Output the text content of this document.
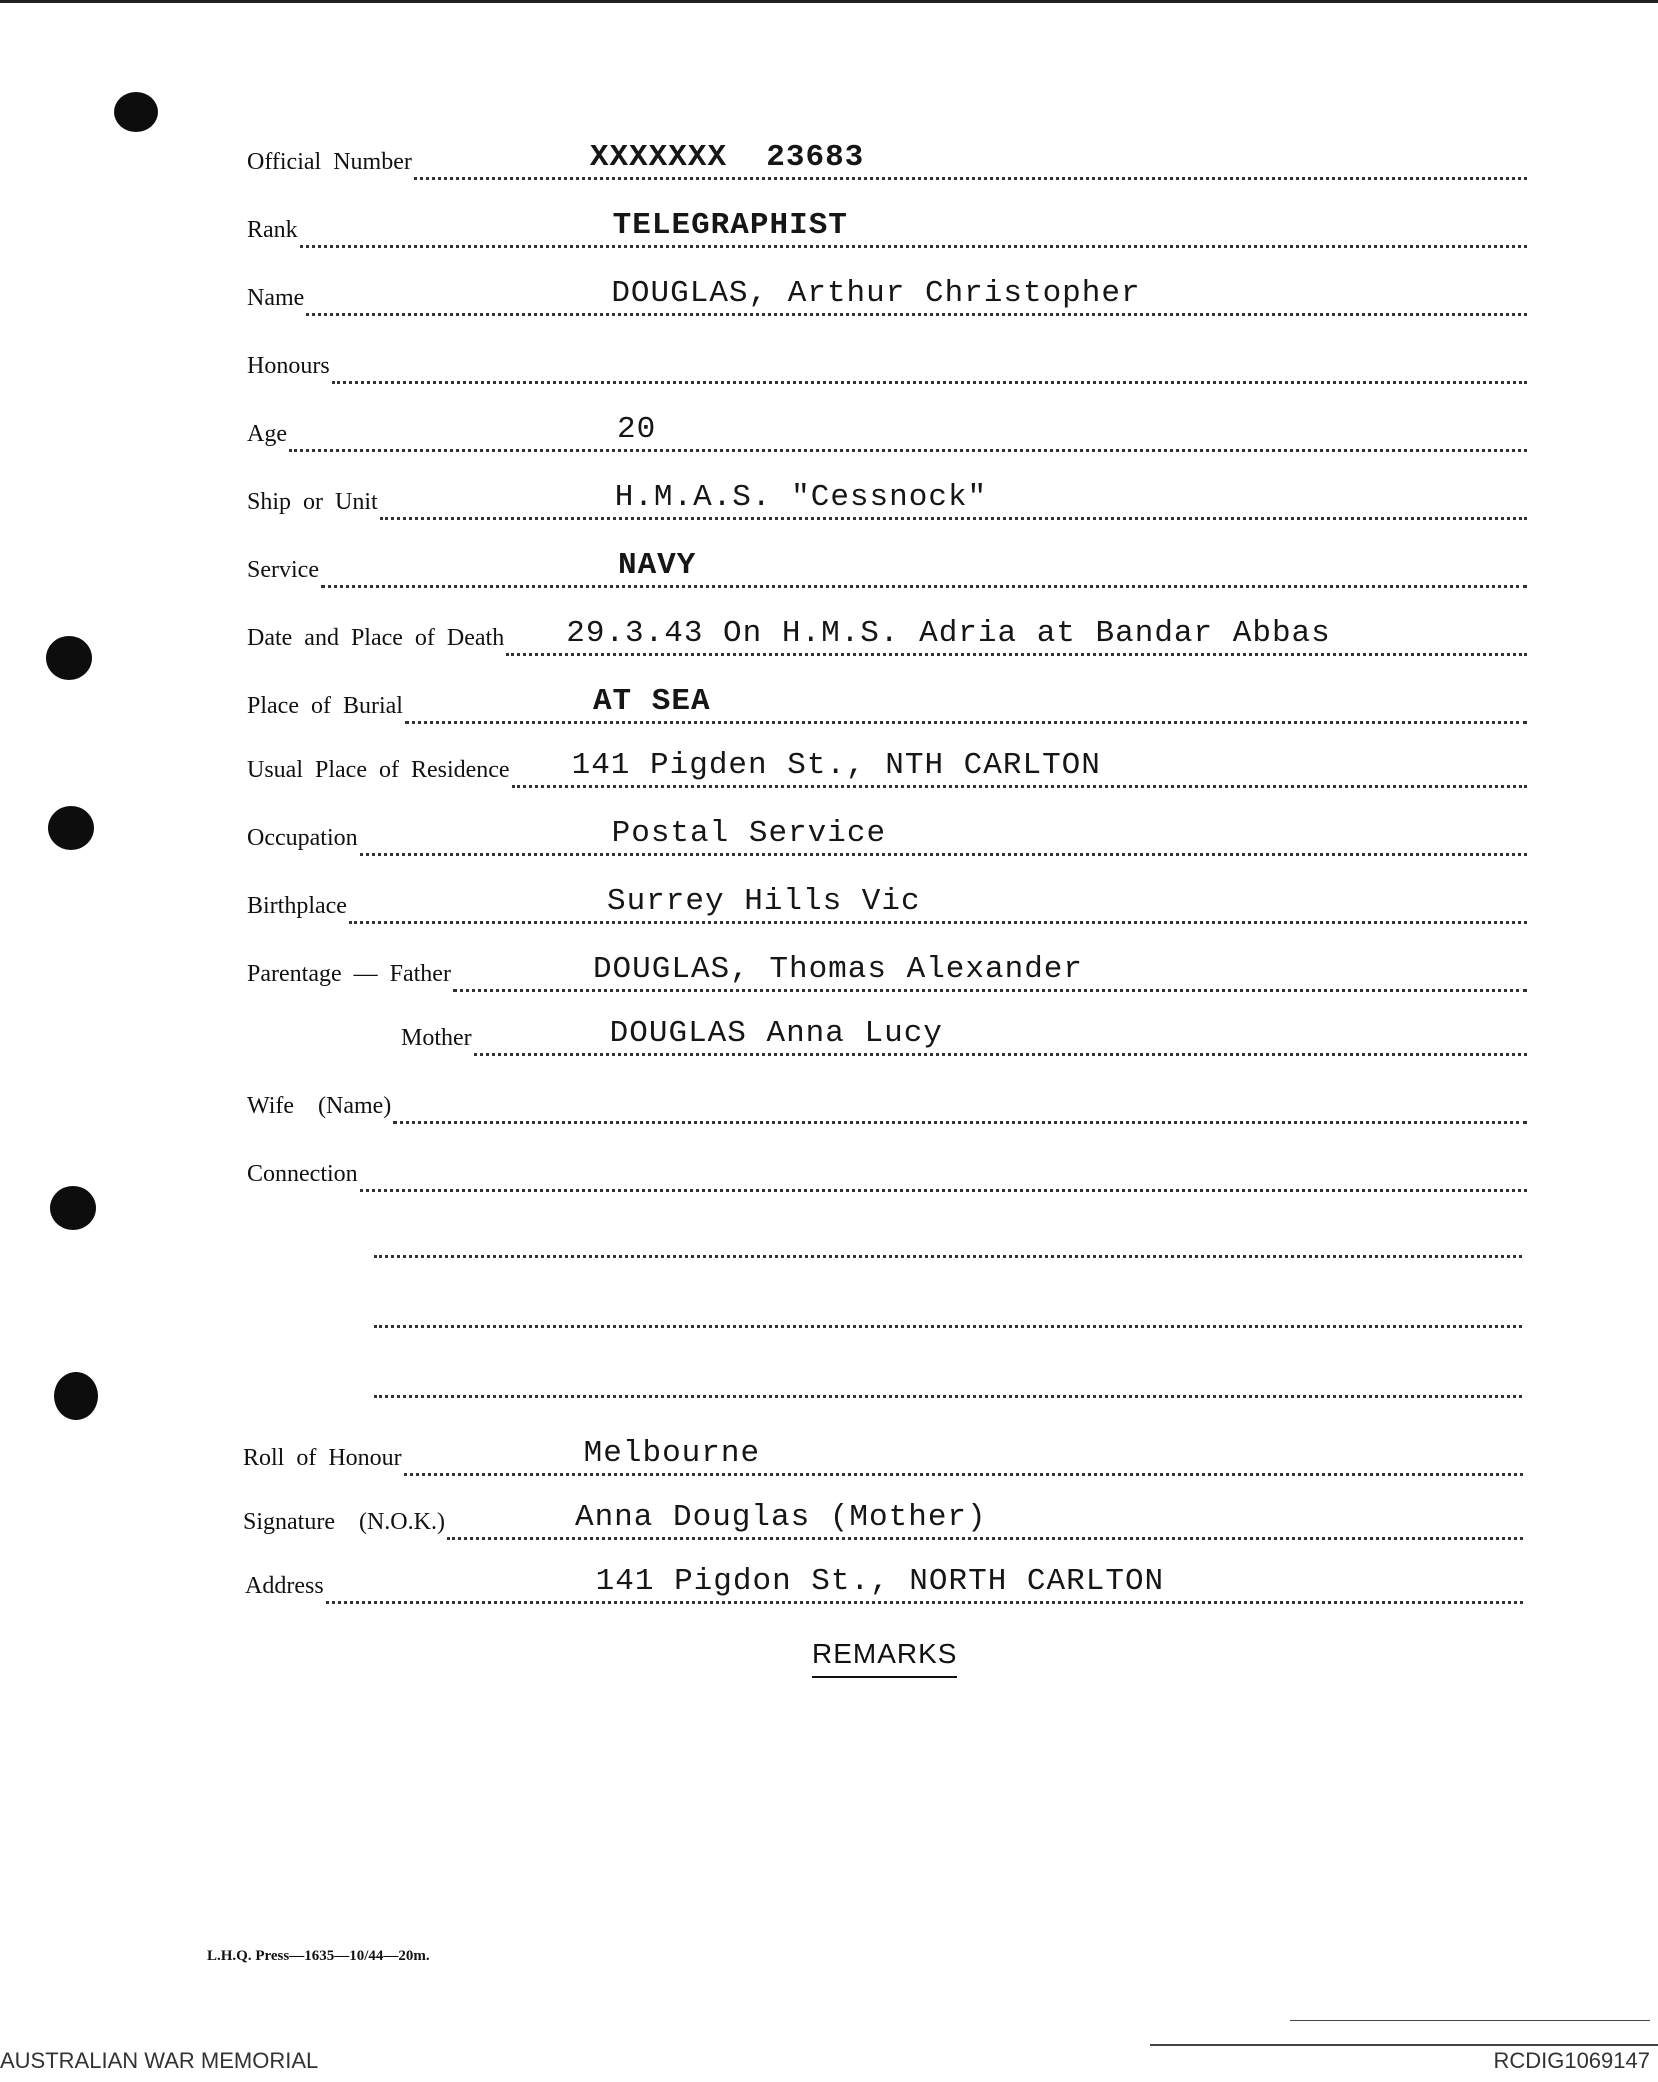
Official Number	XXXXXXX  23683
Rank	TELEGRAPHIST
Name	DOUGLAS, Arthur Christopher
Honours
Age	20
Ship or Unit	H.M.A.S. "Cessnock"
Service	NAVY
Date and Place of Death 29.3.43 On H.M.S. Adria at Bandar Abbas
Place of Burial	AT SEA
Usual Place of Residence 141 Pigden St., NTH CARLTON
Occupation	Postal Service
Birthplace	Surrey Hills Vic
Parentage — Father	DOUGLAS, Thomas Alexander
Mother	DOUGLAS Anna Lucy
Wife  (Name)
Connection
Roll of Honour	Melbourne
Signature  (N.O.K.)	Anna Douglas (Mother)
Address	141 Pigdon St., NORTH CARLTON
REMARKS
L.H.Q. Press—1635—10/44—20m.
AUSTRALIAN WAR MEMORIAL	RCDIG1069147
